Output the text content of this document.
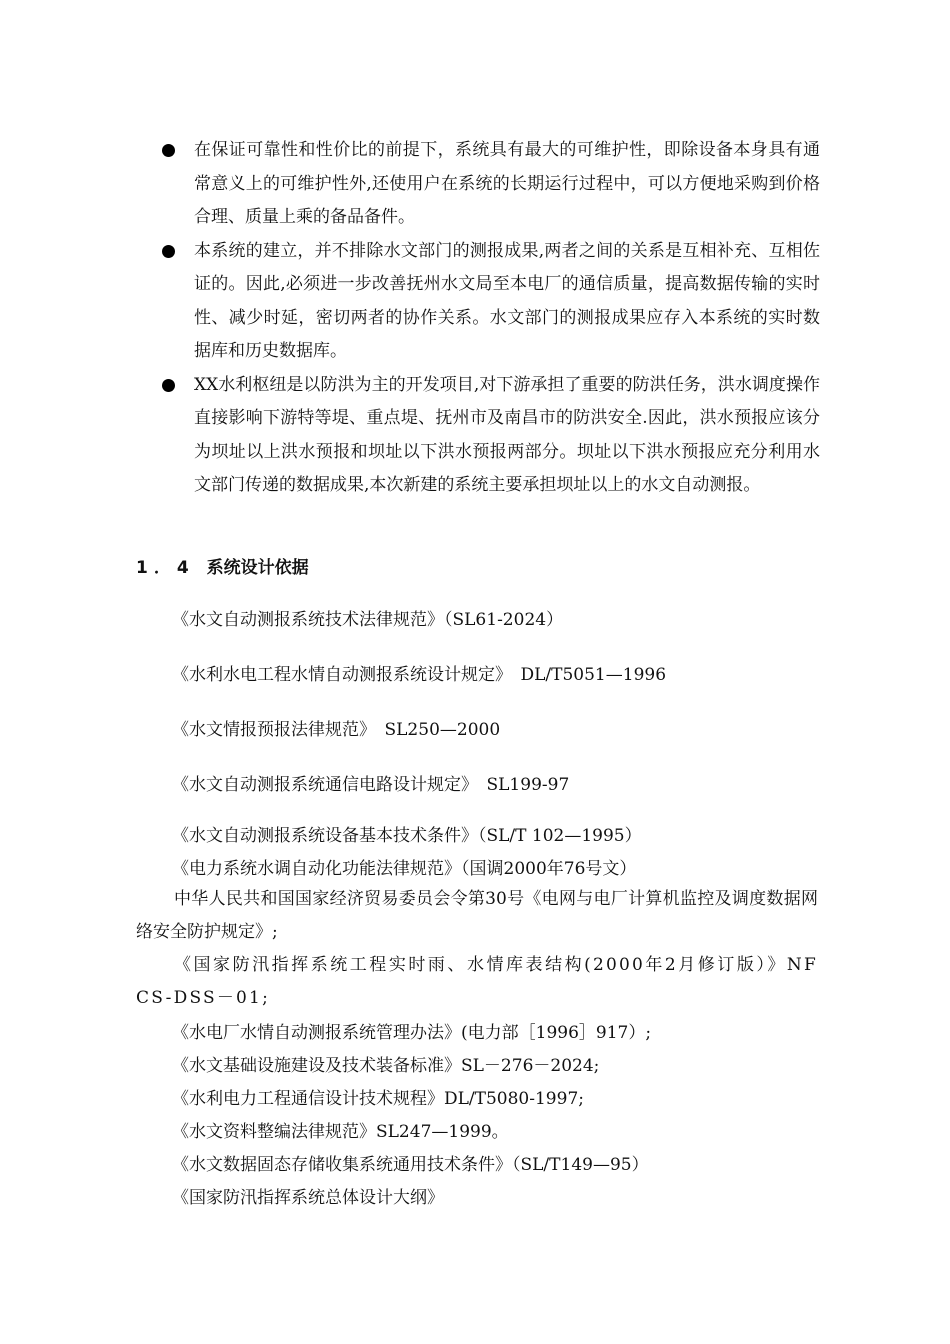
在保证可靠性和性价比的前提下，系统具有最大的可维护性，即除设备本身具有通常意义上的可维护性外,还使用户在系统的长期运行过程中，可以方便地采购到价格合理、质量上乘的备品备件。
本系统的建立，并不排除水文部门的测报成果,两者之间的关系是互相补充、互相佐证的。因此,必须进一步改善抚州水文局至本电厂的通信质量，提高数据传输的实时性、减少时延，密切两者的协作关系。水文部门的测报成果应存入本系统的实时数据库和历史数据库。
XX水利枢纽是以防洪为主的开发项目,对下游承担了重要的防洪任务，洪水调度操作直接影响下游特等堤、重点堤、抚州市及南昌市的防洪安全.因此，洪水预报应该分为坝址以上洪水预报和坝址以下洪水预报两部分。坝址以下洪水预报应充分利用水文部门传递的数据成果,本次新建的系统主要承担坝址以上的水文自动测报。
1．4 系统设计依据
《水文自动测报系统技术法律规范》（SL61-2024）
《水利水电工程水情自动测报系统设计规定》　DL/T5051—1996
《水文情报预报法律规范》　SL250—2000
《水文自动测报系统通信电路设计规定》　SL199-97
《水文自动测报系统设备基本技术条件》（SL/T 102—1995）
《电力系统水调自动化功能法律规范》（国调2000年76号文）
中华人民共和国国家经济贸易委员会令第30号《电网与电厂计算机监控及调度数据网络安全防护规定》;
《国家防汛指挥系统工程实时雨、水情库表结构(2000年2月修订版）》NFCS-DSS－01;
《水电厂水情自动测报系统管理办法》(电力部［1996］917）;
《水文基础设施建设及技术装备标准》SL－276－2024;
《水利电力工程通信设计技术规程》DL/T5080-1997;
《水文资料整编法律规范》SL247—1999。
《水文数据固态存储收集系统通用技术条件》（SL/T149—95）
《国家防汛指挥系统总体设计大纲》
